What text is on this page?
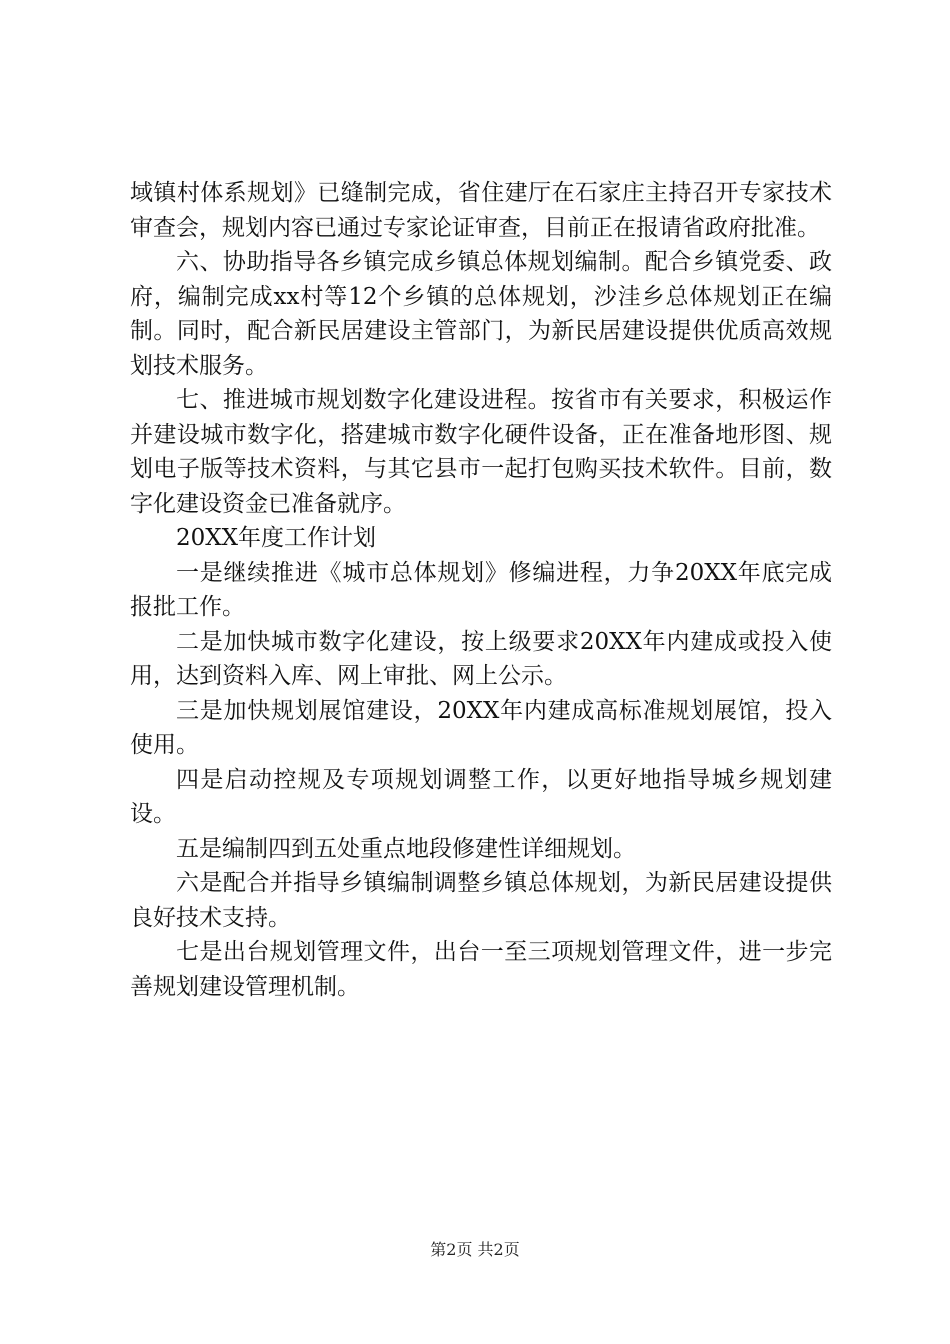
域镇村体系规划》已缝制完成，省住建厅在石家庄主持召开专家技术审查会，规划内容已通过专家论证审查，目前正在报请省政府批准。

六、协助指导各乡镇完成乡镇总体规划编制。配合乡镇党委、政府，编制完成xx村等12个乡镇的总体规划，沙洼乡总体规划正在编制。同时，配合新民居建设主管部门，为新民居建设提供优质高效规划技术服务。

七、推进城市规划数字化建设进程。按省市有关要求，积极运作并建设城市数字化，搭建城市数字化硬件设备，正在准备地形图、规划电子版等技术资料，与其它县市一起打包购买技术软件。目前，数字化建设资金已准备就序。

20XX年度工作计划

一是继续推进《城市总体规划》修编进程，力争20XX年底完成报批工作。

二是加快城市数字化建设，按上级要求20XX年内建成或投入使用，达到资料入库、网上审批、网上公示。

三是加快规划展馆建设，20XX年内建成高标准规划展馆，投入使用。

四是启动控规及专项规划调整工作，以更好地指导城乡规划建设。

五是编制四到五处重点地段修建性详细规划。

六是配合并指导乡镇编制调整乡镇总体规划，为新民居建设提供良好技术支持。

七是出台规划管理文件，出台一至三项规划管理文件，进一步完善规划建设管理机制。

第2页 共2页
